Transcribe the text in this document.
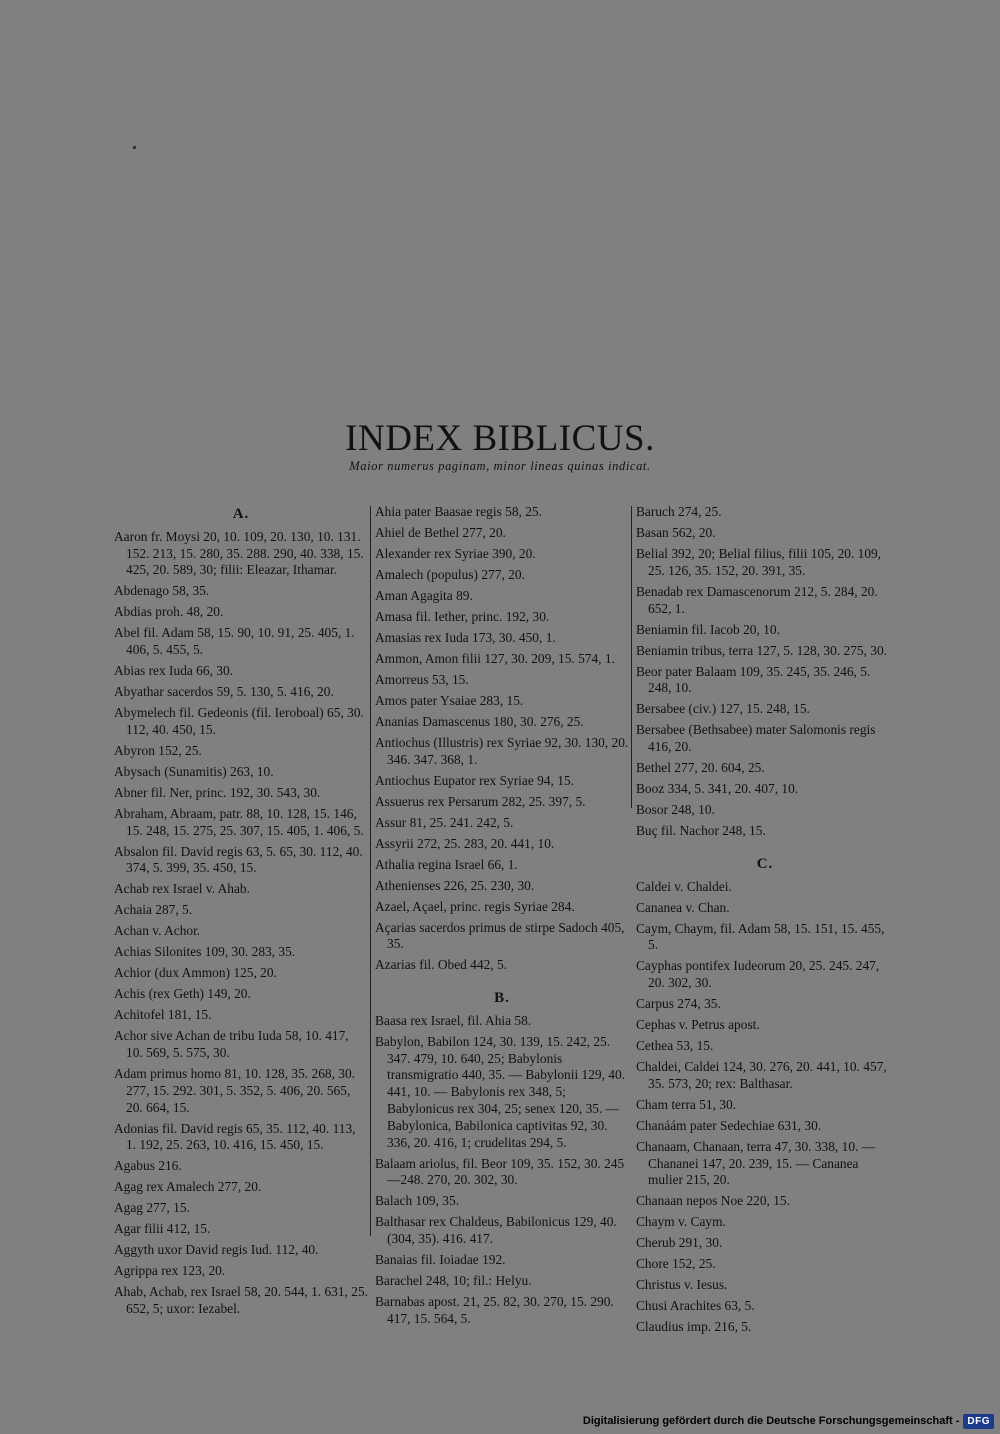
INDEX BIBLICUS.
Maior numerus paginam, minor lineas quinas indicat.
A.
Aaron fr. Moysi 20, 10. 109, 20. 130, 10. 131. 152. 213, 15. 280, 35. 288. 290, 40. 338, 15. 425, 20. 589, 30; filii: Eleazar, Ithamar.
Abdenago 58, 35.
Abdias proh. 48, 20.
Abel fil. Adam 58, 15. 90, 10. 91, 25. 405, 1. 406, 5. 455, 5.
Abias rex Iuda 66, 30.
Abyathar sacerdos 59, 5. 130, 5. 416, 20.
Abymelech fil. Gedeonis (fil. Ieroboal) 65, 30. 112, 40. 450, 15.
Abyron 152, 25.
Abysach (Sunamitis) 263, 10.
Abner fil. Ner, princ. 192, 30. 543, 30.
Abraham, Abraam, patr. 88, 10. 128, 15. 146, 15. 248, 15. 275, 25. 307, 15. 405, 1. 406, 5.
Absalon fil. David regis 63, 5. 65, 30. 112, 40. 374, 5. 399, 35. 450, 15.
Achab rex Israel v. Ahab.
Achaia 287, 5.
Achan v. Achor.
Achias Silonites 109, 30. 283, 35.
Achior (dux Ammon) 125, 20.
Achis (rex Geth) 149, 20.
Achitofel 181, 15.
Achor sive Achan de tribu Iuda 58, 10. 417, 10. 569, 5. 575, 30.
Adam primus homo 81, 10. 128, 35. 268, 30. 277, 15. 292. 301, 5. 352, 5. 406, 20. 565, 20. 664, 15.
Adonias fil. David regis 65, 35. 112, 40. 113, 1. 192, 25. 263, 10. 416, 15. 450, 15.
Agabus 216.
Agag rex Amalech 277, 20.
Agag 277, 15.
Agar filii 412, 15.
Aggyth uxor David regis Iud. 112, 40.
Agrippa rex 123, 20.
Ahab, Achab, rex Israel 58, 20. 544, 1. 631, 25. 652, 5; uxor: Iezabel.
Ahia pater Baasae regis 58, 25.
Ahiel de Bethel 277, 20.
Alexander rex Syriae 390, 20.
Amalech (populus) 277, 20.
Aman Agagita 89.
Amasa fil. Iether, princ. 192, 30.
Amasias rex Iuda 173, 30. 450, 1.
Ammon, Amon filii 127, 30. 209, 15. 574, 1.
Amorreus 53, 15.
Amos pater Ysaiae 283, 15.
Ananias Damascenus 180, 30. 276, 25.
Antiochus (Illustris) rex Syriae 92, 30. 130, 20. 346. 347. 368, 1.
Antiochus Eupator rex Syriae 94, 15.
Assuerus rex Persarum 282, 25. 397, 5.
Assur 81, 25. 241. 242, 5.
Assyrii 272, 25. 283, 20. 441, 10.
Athalia regina Israel 66, 1.
Athenienses 226, 25. 230, 30.
Azael, Açael, princ. regis Syriae 284.
Açarias sacerdos primus de stirpe Sadoch 405, 35.
Azarias fil. Obed 442, 5.
B.
Baasa rex Israel, fil. Ahia 58.
Babylon, Babilon 124, 30. 139, 15. 242, 25. 347. 479, 10. 640, 25; Babylonis transmigratio 440, 35. — Babylonii 129, 40. 441, 10. — Babylonis rex 348, 5; Babylonicus rex 304, 25; senex 120, 35. — Babylonica, Babilonica captivitas 92, 30. 336, 20. 416, 1; crudelitas 294, 5.
Balaam ariolus, fil. Beor 109, 35. 152, 30. 245—248. 270, 20. 302, 30.
Balach 109, 35.
Balthasar rex Chaldeus, Babilonicus 129, 40. (304, 35). 416. 417.
Banaias fil. Ioiadae 192.
Barachel 248, 10; fil.: Helyu.
Barnabas apost. 21, 25. 82, 30. 270, 15. 290. 417, 15. 564, 5.
Baruch 274, 25.
Basan 562, 20.
Belial 392, 20; Belial filius, filii 105, 20. 109, 25. 126, 35. 152, 20. 391, 35.
Benadab rex Damascenorum 212, 5. 284, 20. 652, 1.
Beniamin fil. Iacob 20, 10.
Beniamin tribus, terra 127, 5. 128, 30. 275, 30.
Beor pater Balaam 109, 35. 245, 35. 246, 5. 248, 10.
Bersabee (civ.) 127, 15. 248, 15.
Bersabee (Bethsabee) mater Salomonis regis 416, 20.
Bethel 277, 20. 604, 25.
Booz 334, 5. 341, 20. 407, 10.
Bosor 248, 10.
Buç fil. Nachor 248, 15.
C.
Caldei v. Chaldei.
Cananea v. Chan.
Caym, Chaym, fil. Adam 58, 15. 151, 15. 455, 5.
Cayphas pontifex Iudeorum 20, 25. 245. 247, 20. 302, 30.
Carpus 274, 35.
Cephas v. Petrus apost.
Cethea 53, 15.
Chaldei, Caldei 124, 30. 276, 20. 441, 10. 457, 35. 573, 20; rex: Balthasar.
Cham terra 51, 30.
Chanáám pater Sedechiae 631, 30.
Chanaam, Chanaan, terra 47, 30. 338, 10. — Chananei 147, 20. 239, 15. — Cananea mulier 215, 20.
Chanaan nepos Noe 220, 15.
Chaym v. Caym.
Cherub 291, 30.
Chore 152, 25.
Christus v. Iesus.
Chusi Arachites 63, 5.
Claudius imp. 216, 5.
Digitalisierung gefördert durch die Deutsche Forschungsgemeinschaft - DFG
